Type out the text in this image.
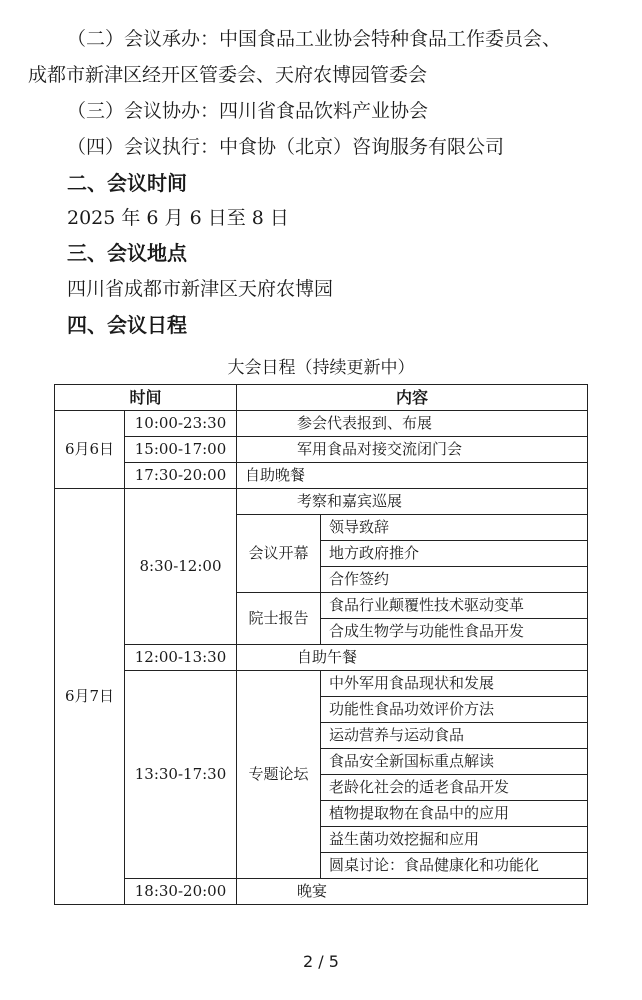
（二）会议承办：中国食品工业协会特种食品工作委员会、
成都市新津区经开区管委会、天府农博园管委会
（三）会议协办：四川省食品饮料产业协会
（四）会议执行：中食协（北京）咨询服务有限公司
二、会议时间
2025 年 6 月 6 日至 8 日
三、会议地点
四川省成都市新津区天府农博园
四、会议日程
大会日程（持续更新中）
时间		内容	
6月6日	10:00-23:30	参会代表报到、布展	
	15:00-17:00	军用食品对接交流闭门会	
	17:30-20:00	自助晚餐	
6月7日	8:30-12:00	考察和嘉宾巡展	
		会议开幕	领导致辞
			地方政府推介
			合作签约
		院士报告	食品行业颠覆性技术驱动变革
			合成生物学与功能性食品开发
	12:00-13:30	自助午餐	
	13:30-17:30	专题论坛	中外军用食品现状和发展
			功能性食品功效评价方法
			运动营养与运动食品
			食品安全新国标重点解读
			老龄化社会的适老食品开发
			植物提取物在食品中的应用
			益生菌功效挖掘和应用
			圆桌讨论：食品健康化和功能化
	18:30-20:00	晚宴	
2 / 5
